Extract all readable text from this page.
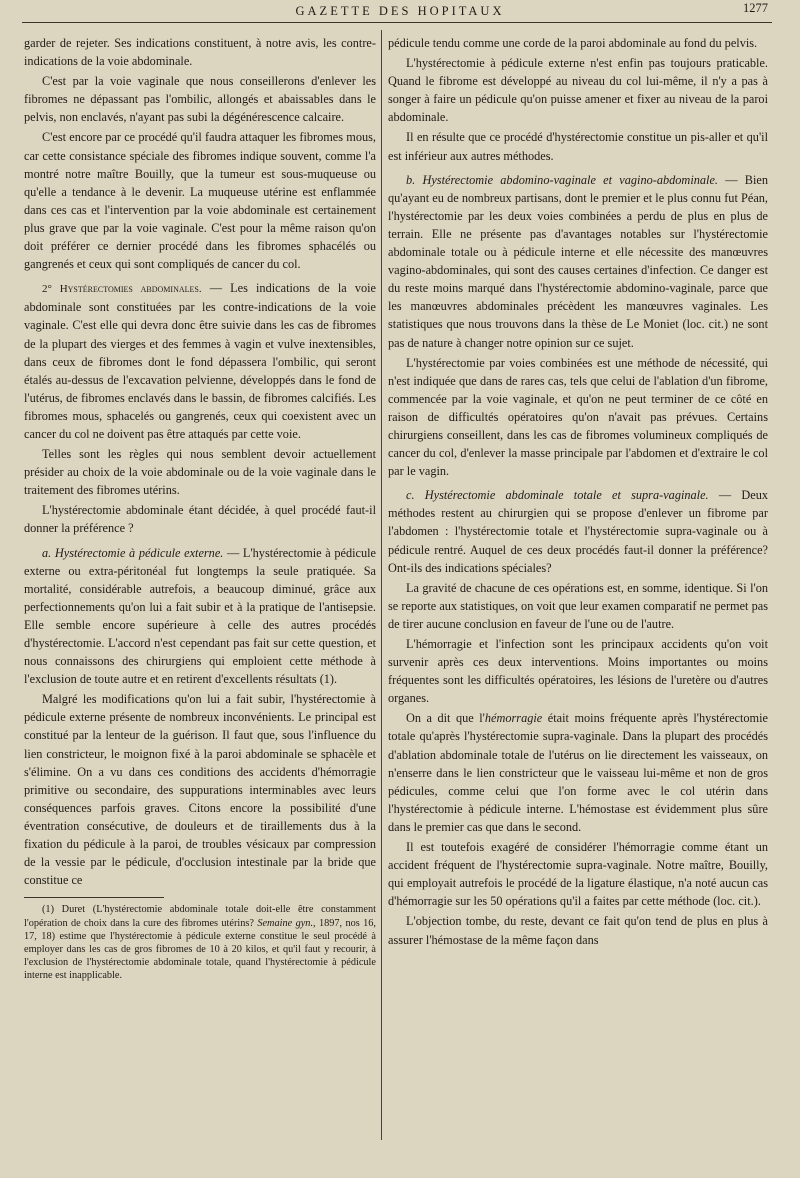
GAZETTE DES HOPITAUX	1277

garder de rejeter. Ses indications constituent, à notre avis, les contre-indications de la voie abdominale.

C'est par la voie vaginale que nous conseillerons d'enlever les fibromes ne dépassant pas l'ombilic, allongés et abaissables dans le pelvis, non enclavés, n'ayant pas subi la dégénérescence calcaire.

C'est encore par ce procédé qu'il faudra attaquer les fibromes mous, car cette consistance spéciale des fibromes indique souvent, comme l'a montré notre maître Bouilly, que la tumeur est sous-muqueuse ou qu'elle a tendance à le devenir. La muqueuse utérine est enflammée dans ces cas et l'intervention par la voie abdominale est certainement plus grave que par la voie vaginale. C'est pour la même raison qu'on doit préférer ce dernier procédé dans les fibromes sphacélés ou gangrenés et ceux qui sont compliqués de cancer du col.

2° Hystérectomies abdominales. — Les indications de la voie abdominale sont constituées par les contre-indications de la voie vaginale. C'est elle qui devra donc être suivie dans les cas de fibromes de la plupart des vierges et des femmes à vagin et vulve inextensibles, dans ceux de fibromes dont le fond dépassera l'ombilic, qui seront étalés au-dessus de l'excavation pelvienne, développés dans le fond de l'utérus, de fibromes enclavés dans le bassin, de fibromes calcifiés. Les fibromes mous, sphacelés ou gangrenés, ceux qui coexistent avec un cancer du col ne doivent pas être attaqués par cette voie.

Telles sont les règles qui nous semblent devoir actuellement présider au choix de la voie abdominale ou de la voie vaginale dans le traitement des fibromes utérins.

L'hystérectomie abdominale étant décidée, à quel procédé faut-il donner la préférence ?

a. Hystérectomie à pédicule externe. — L'hystérectomie à pédicule externe ou extra-péritonéal fut longtemps la seule pratiquée. Sa mortalité, considérable autrefois, a beaucoup diminué, grâce aux perfectionnements qu'on lui a fait subir et à la pratique de l'antisepsie. Elle semble encore supérieure à celle des autres procédés d'hystérectomie. L'accord n'est cependant pas fait sur cette question, et nous connaissons des chirurgiens qui emploient cette méthode à l'exclusion de toute autre et en retirent d'excellents résultats (1).

Malgré les modifications qu'on lui a fait subir, l'hystérectomie à pédicule externe présente de nombreux inconvénients. Le principal est constitué par la lenteur de la guérison. Il faut que, sous l'influence du lien constricteur, le moignon fixé à la paroi abdominale se sphacèle et s'élimine. On a vu dans ces conditions des accidents d'hémorragie primitive ou secondaire, des suppurations interminables avec leurs conséquences parfois graves. Citons encore la possibilité d'une éventration consécutive, de douleurs et de tiraillements dus à la fixation du pédicule à la paroi, de troubles vésicaux par compression de la vessie par le pédicule, d'occlusion intestinale par la bride que constitue ce

(1) Duret (L'hystérectomie abdominale totale doit-elle être constamment l'opération de choix dans la cure des fibromes utérins? Semaine gyn., 1897, nos 16, 17, 18) estime que l'hystérectomie à pédicule externe constitue le seul procédé à employer dans les cas de gros fibromes de 10 à 20 kilos, et qu'il faut y recourir, à l'exclusion de l'hystérectomie abdominale totale, quand l'hystérectomie à pédicule interne est inapplicable.

pédicule tendu comme une corde de la paroi abdominale au fond du pelvis.

L'hystérectomie à pédicule externe n'est enfin pas toujours praticable. Quand le fibrome est développé au niveau du col lui-même, il n'y a pas à songer à faire un pédicule qu'on puisse amener et fixer au niveau de la paroi abdominale.

Il en résulte que ce procédé d'hystérectomie constitue un pis-aller et qu'il est inférieur aux autres méthodes.

b. Hystérectomie abdomino-vaginale et vagino-abdominale. — Bien qu'ayant eu de nombreux partisans, dont le premier et le plus connu fut Péan, l'hystérectomie par les deux voies combinées a perdu de plus en plus de terrain. Elle ne présente pas d'avantages notables sur l'hystérectomie abdominale totale ou à pédicule interne et elle nécessite des manœuvres vagino-abdominales, qui sont des causes certaines d'infection. Ce danger est du reste moins marqué dans l'hystérectomie abdomino-vaginale, parce que les manœuvres abdominales précèdent les manœuvres vaginales. Les statistiques que nous trouvons dans la thèse de Le Moniet (loc. cit.) ne sont pas de nature à changer notre opinion sur ce sujet.

L'hystérectomie par voies combinées est une méthode de nécessité, qui n'est indiquée que dans de rares cas, tels que celui de l'ablation d'un fibrome, commencée par la voie vaginale, et qu'on ne peut terminer de ce côté en raison de difficultés opératoires qu'on n'avait pas prévues. Certains chirurgiens conseillent, dans les cas de fibromes volumineux compliqués de cancer du col, d'enlever la masse principale par l'abdomen et d'extraire le col par le vagin.

c. Hystérectomie abdominale totale et supra-vaginale. — Deux méthodes restent au chirurgien qui se propose d'enlever un fibrome par l'abdomen : l'hystérectomie totale et l'hystérectomie supra-vaginale ou à pédicule rentré. Auquel de ces deux procédés faut-il donner la préférence? Ont-ils des indications spéciales?

La gravité de chacune de ces opérations est, en somme, identique. Si l'on se reporte aux statistiques, on voit que leur examen comparatif ne permet pas de tirer aucune conclusion en faveur de l'une ou de l'autre.

L'hémorragie et l'infection sont les principaux accidents qu'on voit survenir après ces deux interventions. Moins importantes ou moins fréquentes sont les difficultés opératoires, les lésions de l'uretère ou d'autres organes.

On a dit que l'hémorragie était moins fréquente après l'hystérectomie totale qu'après l'hystérectomie supra-vaginale. Dans la plupart des procédés d'ablation abdominale totale de l'utérus on lie directement les vaisseaux, on n'enserre dans le lien constricteur que le vaisseau lui-même et non de gros pédicules, comme celui que l'on forme avec le col utérin dans l'hystérectomie à pédicule interne. L'hémostase est évidemment plus sûre dans le premier cas que dans le second.

Il est toutefois exagéré de considérer l'hémorragie comme étant un accident fréquent de l'hystérectomie supra-vaginale. Notre maître, Bouilly, qui employait autrefois le procédé de la ligature élastique, n'a noté aucun cas d'hémorragie sur les 50 opérations qu'il a faites par cette méthode (loc. cit.).

L'objection tombe, du reste, devant ce fait qu'on tend de plus en plus à assurer l'hémostase de la même façon dans
